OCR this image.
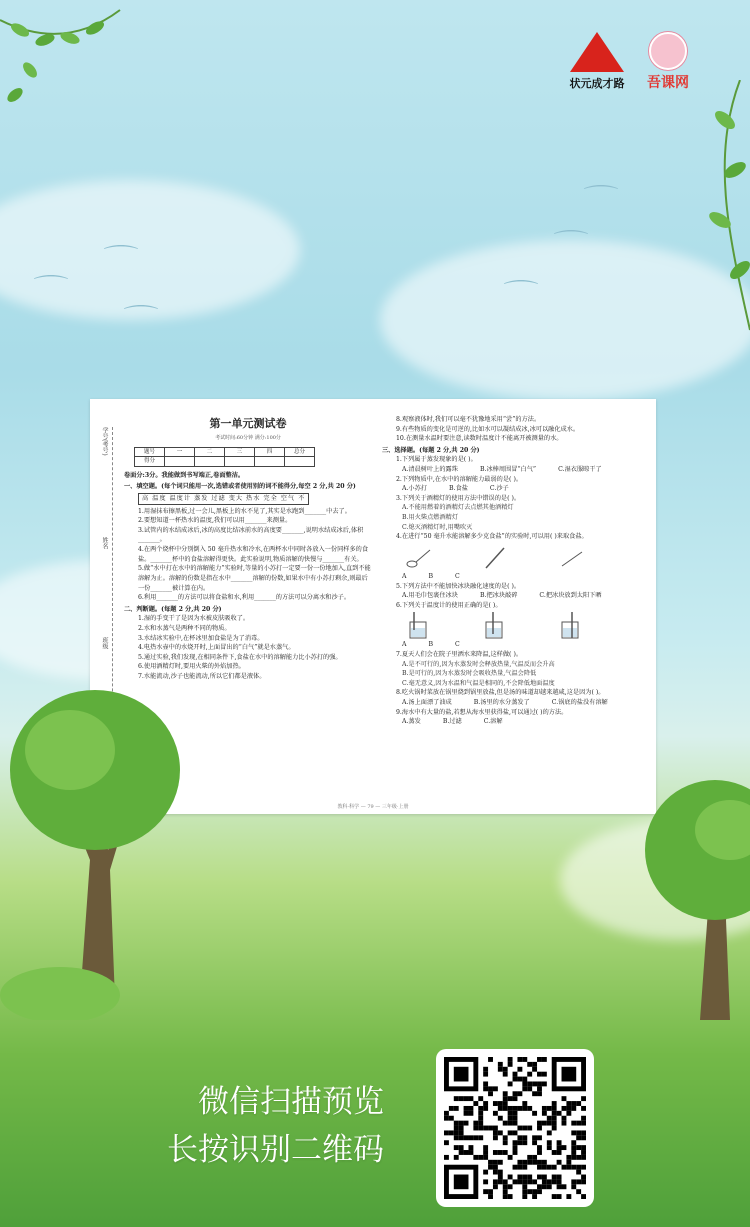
⌒
⌒
⌒
⌒
⌒
⌒
状元成才路	吾课网
学号(考号)
姓名
班级
第一单元测试卷
考试时间:60分钟 满分:100分
题号	一	二	三	四	总分
得分					
卷面分:3分。我能做到书写端正,卷面整洁。
一、填空题。(每个词只能用一次,选错或者使用别的词不能得分,每空 2 分,共 20 分)
高 温度 温度计 蒸发 过滤 变大 热水 完全 空气 不
1.用湿抹布擦黑板,过一会儿,黑板上的水不见了,其实是水跑到_______中去了。
2.要想知道一杯热水的温度,我们可以用_______来测量。
3.试管内的水结成冰后,冰的高度比结冰前水的高度要_______,说明水结成冰后,体积_______。
4.在两个烧杯中分别倒入 50 毫升热水和冷水,在两杯水中同时各放入一份同样多的食盐。_______杯中的食盐溶解得更快。此实验说明,物质溶解的快慢与_______有关。
5.做“水中打在水中的溶解能力”实验时,等量的小苏打一定要一份一份地加入,直到不能溶解为止。溶解的份数是指在水中_______溶解的份数,如果水中有小苏打剩余,则最后一份_______被计算在内。
6.利用_______的方法可以将食盐和水,利用_______的方法可以分离水和沙子。
二、判断题。(每题 2 分,共 20 分)
1.湿的手变干了是因为水被皮肤吸收了。
2.水和水蒸气是两种不同的物质。
3.水结冰实验中,在杯冰里加食盐是为了消毒。
4.电热水壶中的水烧开时,上面冒出的“白气”就是水蒸气。
5.通过实验,我们发现,在相同条件下,食盐在水中的溶解能力比小苏打的强。
6.使用酒精灯时,要用火柴的外焰加热。
7.水能流动,沙子也能流动,所以它们都是液体。
8.观察液体时,我们可以毫不犹豫地采用“尝”的方法。
9.有些物质的变化是可逆的,比如水可以凝结成冰,冰可以融化成水。
10.在测量水温时要注意,读数时温度计不能离开被测量的水。
三、选择题。(每题 2 分,共 20 分)
1.下列属于蒸发现象的是( )。
A.清晨树叶上的露珠	B.冰棒周围冒“白气”	C.湿衣服晾干了
2.下列物质中,在水中的溶解能力最弱的是( )。
A.小苏打	B.食盐	C.沙子
3.下列关于酒精灯的使用方法中错误的是( )。
A.不能用燃着的酒精灯去点燃其他酒精灯
B.用火柴点燃酒精灯
C.熄灭酒精灯时,用嘴吹灭
4.在进行“50 毫升水能溶解多少克食盐”的实验时,可以用( )来取食盐。
A	B	C
5.下列方法中不能加快冰块融化速度的是( )。
A.用毛巾包裹住冰块	B.把冰块敲碎	C.把冰块放到太阳下晒
6.下列关于温度计的使用正确的是( )。
A	B	C
7.夏天人们会在院子里洒水来降温,这样做( )。
A.是不可行的,因为水蒸发时会释放热量,气温反而会升高
B.是可行的,因为水蒸发时会吸收热量,气温会降低
C.毫无意义,因为水温和气温是相同的,不会降低地面温度
8.吃火锅时菜放在锅里烧到锅里放盐,但是汤的味道却越来越咸,这是因为( )。
A.汤上面漂了油成	B.汤里的水分蒸发了	C.锅底的盐没有溶解
9.海水中有大量的盐,若想从海水里获得盐,可以通过( )的方法。
A.蒸发	B.过滤	C.溶解
教科·科学 — 79 — 三年级·上册
微信扫描预览
长按识别二维码
